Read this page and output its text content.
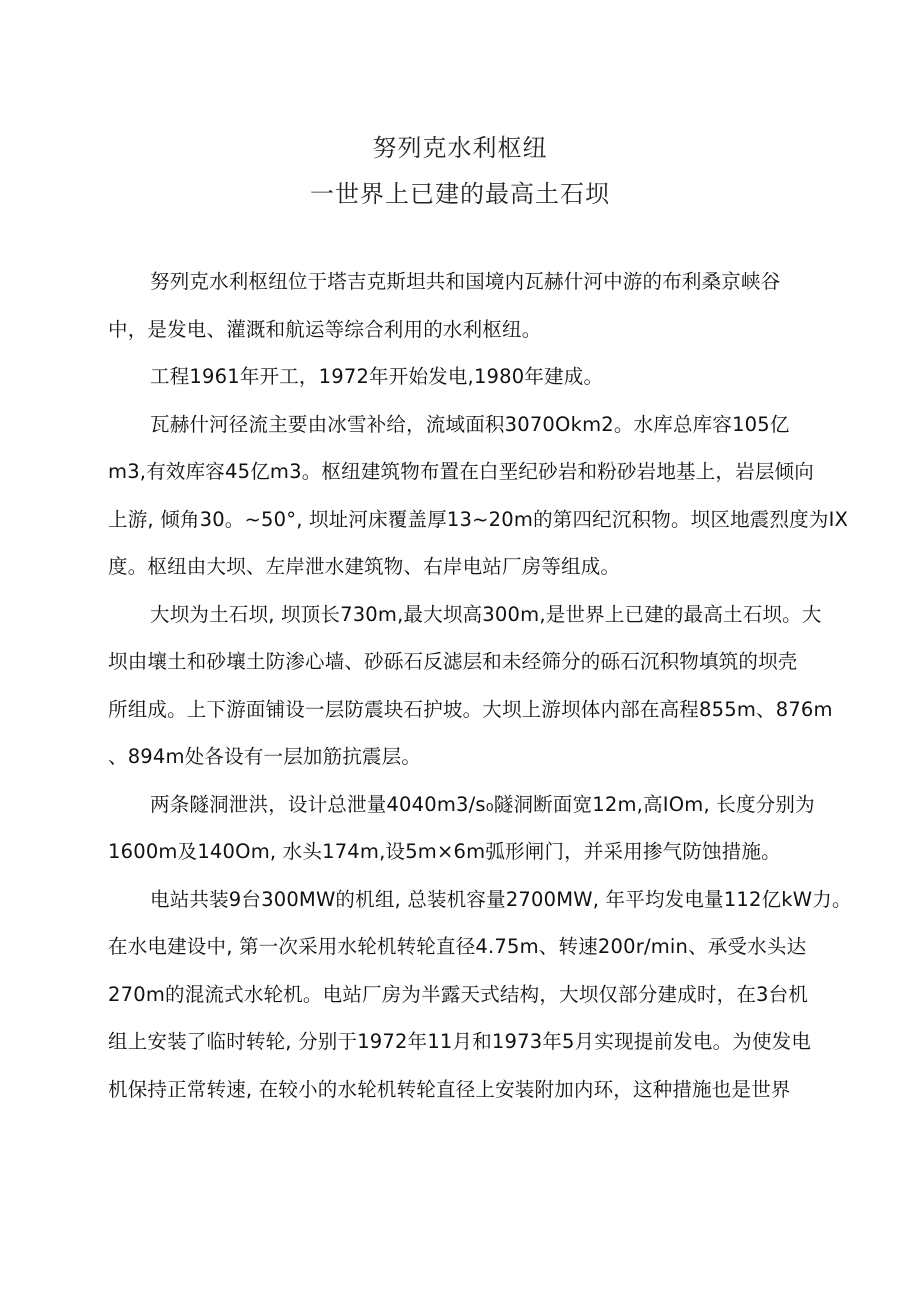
努列克水利枢纽
一世界上已建的最高土石坝
努列克水利枢纽位于塔吉克斯坦共和国境内瓦赫什河中游的布利桑京峡谷
中，是发电、灌溉和航运等综合利用的水利枢纽。
工程1961年开工，1972年开始发电,1980年建成。
瓦赫什河径流主要由冰雪补给，流域面积3070Okm2。水库总库容105亿
m3,有效库容45亿m3。枢纽建筑物布置在白垩纪砂岩和粉砂岩地基上，岩层倾向
上游, 倾角30。~50°, 坝址河床覆盖厚13~20m的第四纪沉积物。坝区地震烈度为IX
度。枢纽由大坝、左岸泄水建筑物、右岸电站厂房等组成。
大坝为土石坝, 坝顶长730m,最大坝高300m,是世界上已建的最高土石坝。大
坝由壤土和砂壤土防渗心墙、砂砾石反滤层和未经筛分的砾石沉积物填筑的坝壳
所组成。上下游面铺设一层防震块石护坡。大坝上游坝体内部在高程855m、876m
、894m处各设有一层加筋抗震层。
两条隧洞泄洪，设计总泄量4040m3/s₀隧洞断面宽12m,高IOm, 长度分别为
1600m及140Om, 水头174m,设5m×6m弧形闸门，并采用掺气防蚀措施。
电站共装9台300MW的机组, 总装机容量2700MW, 年平均发电量112亿kW力。
在水电建设中, 第一次采用水轮机转轮直径4.75m、转速200r/min、承受水头达
270m的混流式水轮机。电站厂房为半露天式结构，大坝仅部分建成时，在3台机
组上安装了临时转轮, 分别于1972年11月和1973年5月实现提前发电。为使发电
机保持正常转速, 在较小的水轮机转轮直径上安装附加内环，这种措施也是世界
